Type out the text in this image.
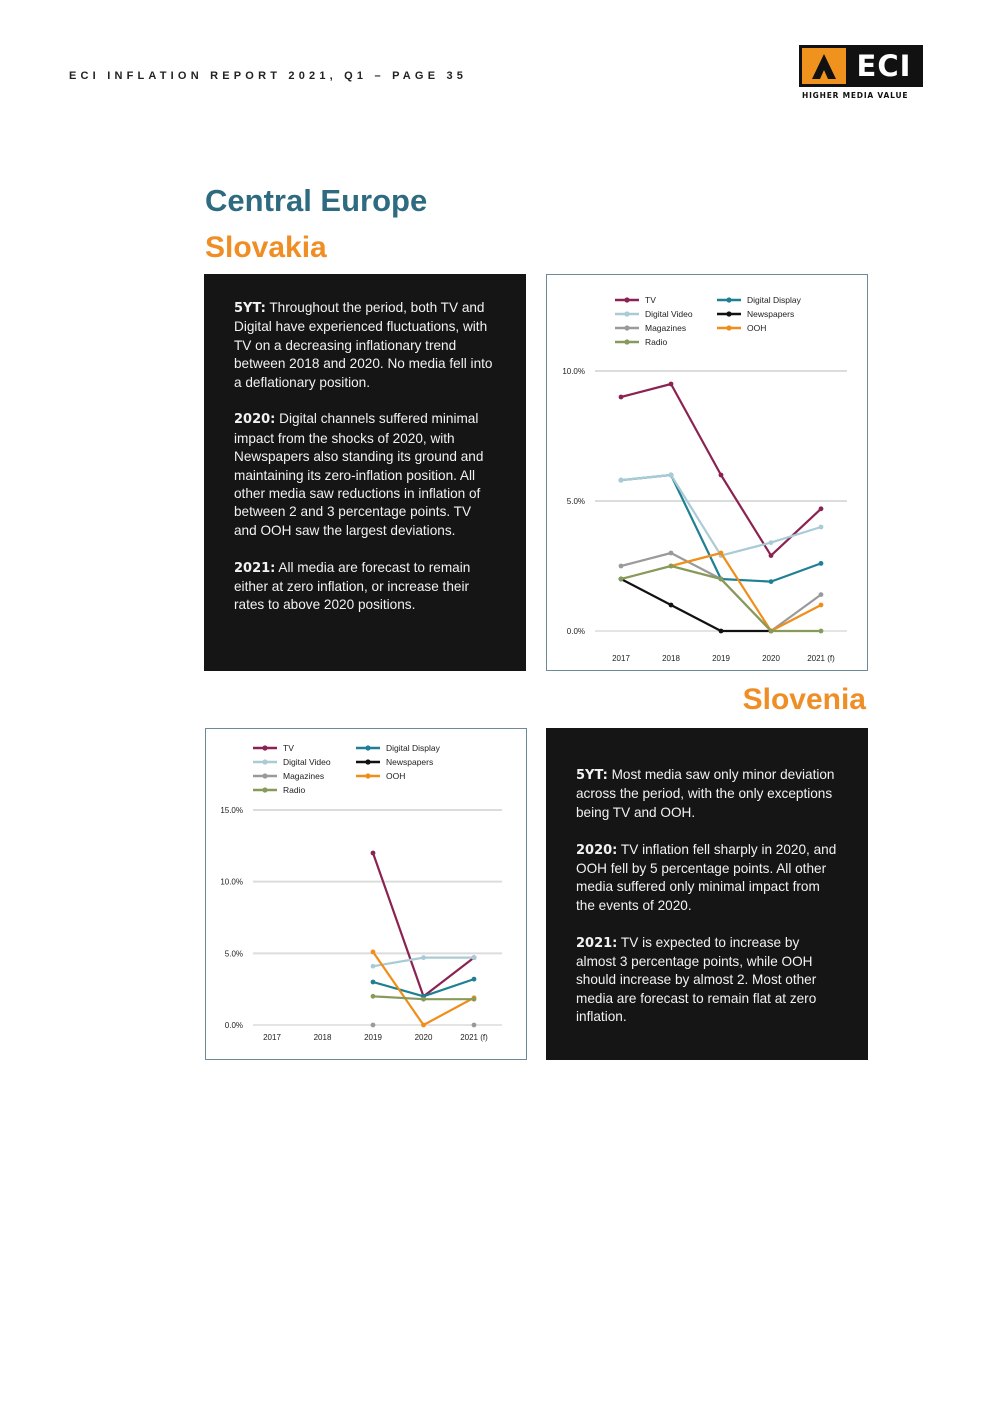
ECI INFLATION REPORT 2021, Q1 – PAGE 35	ECI
HIGHER MEDIA VALUE
Central Europe
Slovakia
Slovenia

5YT: Throughout the period, both TV and Digital have experienced fluctuations, with TV on a decreasing inflationary trend between 2018 and 2020. No media fell into a deflationary position.

2020: Digital channels suffered minimal impact from the shocks of 2020, with Newspapers also standing its ground and maintaining its zero-inflation position. All other media saw reductions in inflation of between 2 and 3 percentage points. TV and OOH saw the largest deviations.

2021: All media are forecast to remain either at zero inflation, or increase their rates to above 2020 positions.

0.0%
5.0%
10.0%
2017	2018	2019	2020	2021 (f)
TV	Digital Display
Digital Video	Newspapers
Magazines	OOH
Radio
0.0%
5.0%
10.0%
15.0%
2017	2018	2019	2020	2021 (f)
TV	Digital Display
Digital Video	Newspapers
Magazines	OOH
Radio

5YT: Most media saw only minor deviation across the period, with the only exceptions being TV and OOH.

2020: TV inflation fell sharply in 2020, and OOH fell by 5 percentage points. All other media suffered only minimal impact from the events of 2020.

2021: TV is expected to increase by almost 3 percentage points, while OOH should increase by almost 2. Most other media are forecast to remain flat at zero inflation.
